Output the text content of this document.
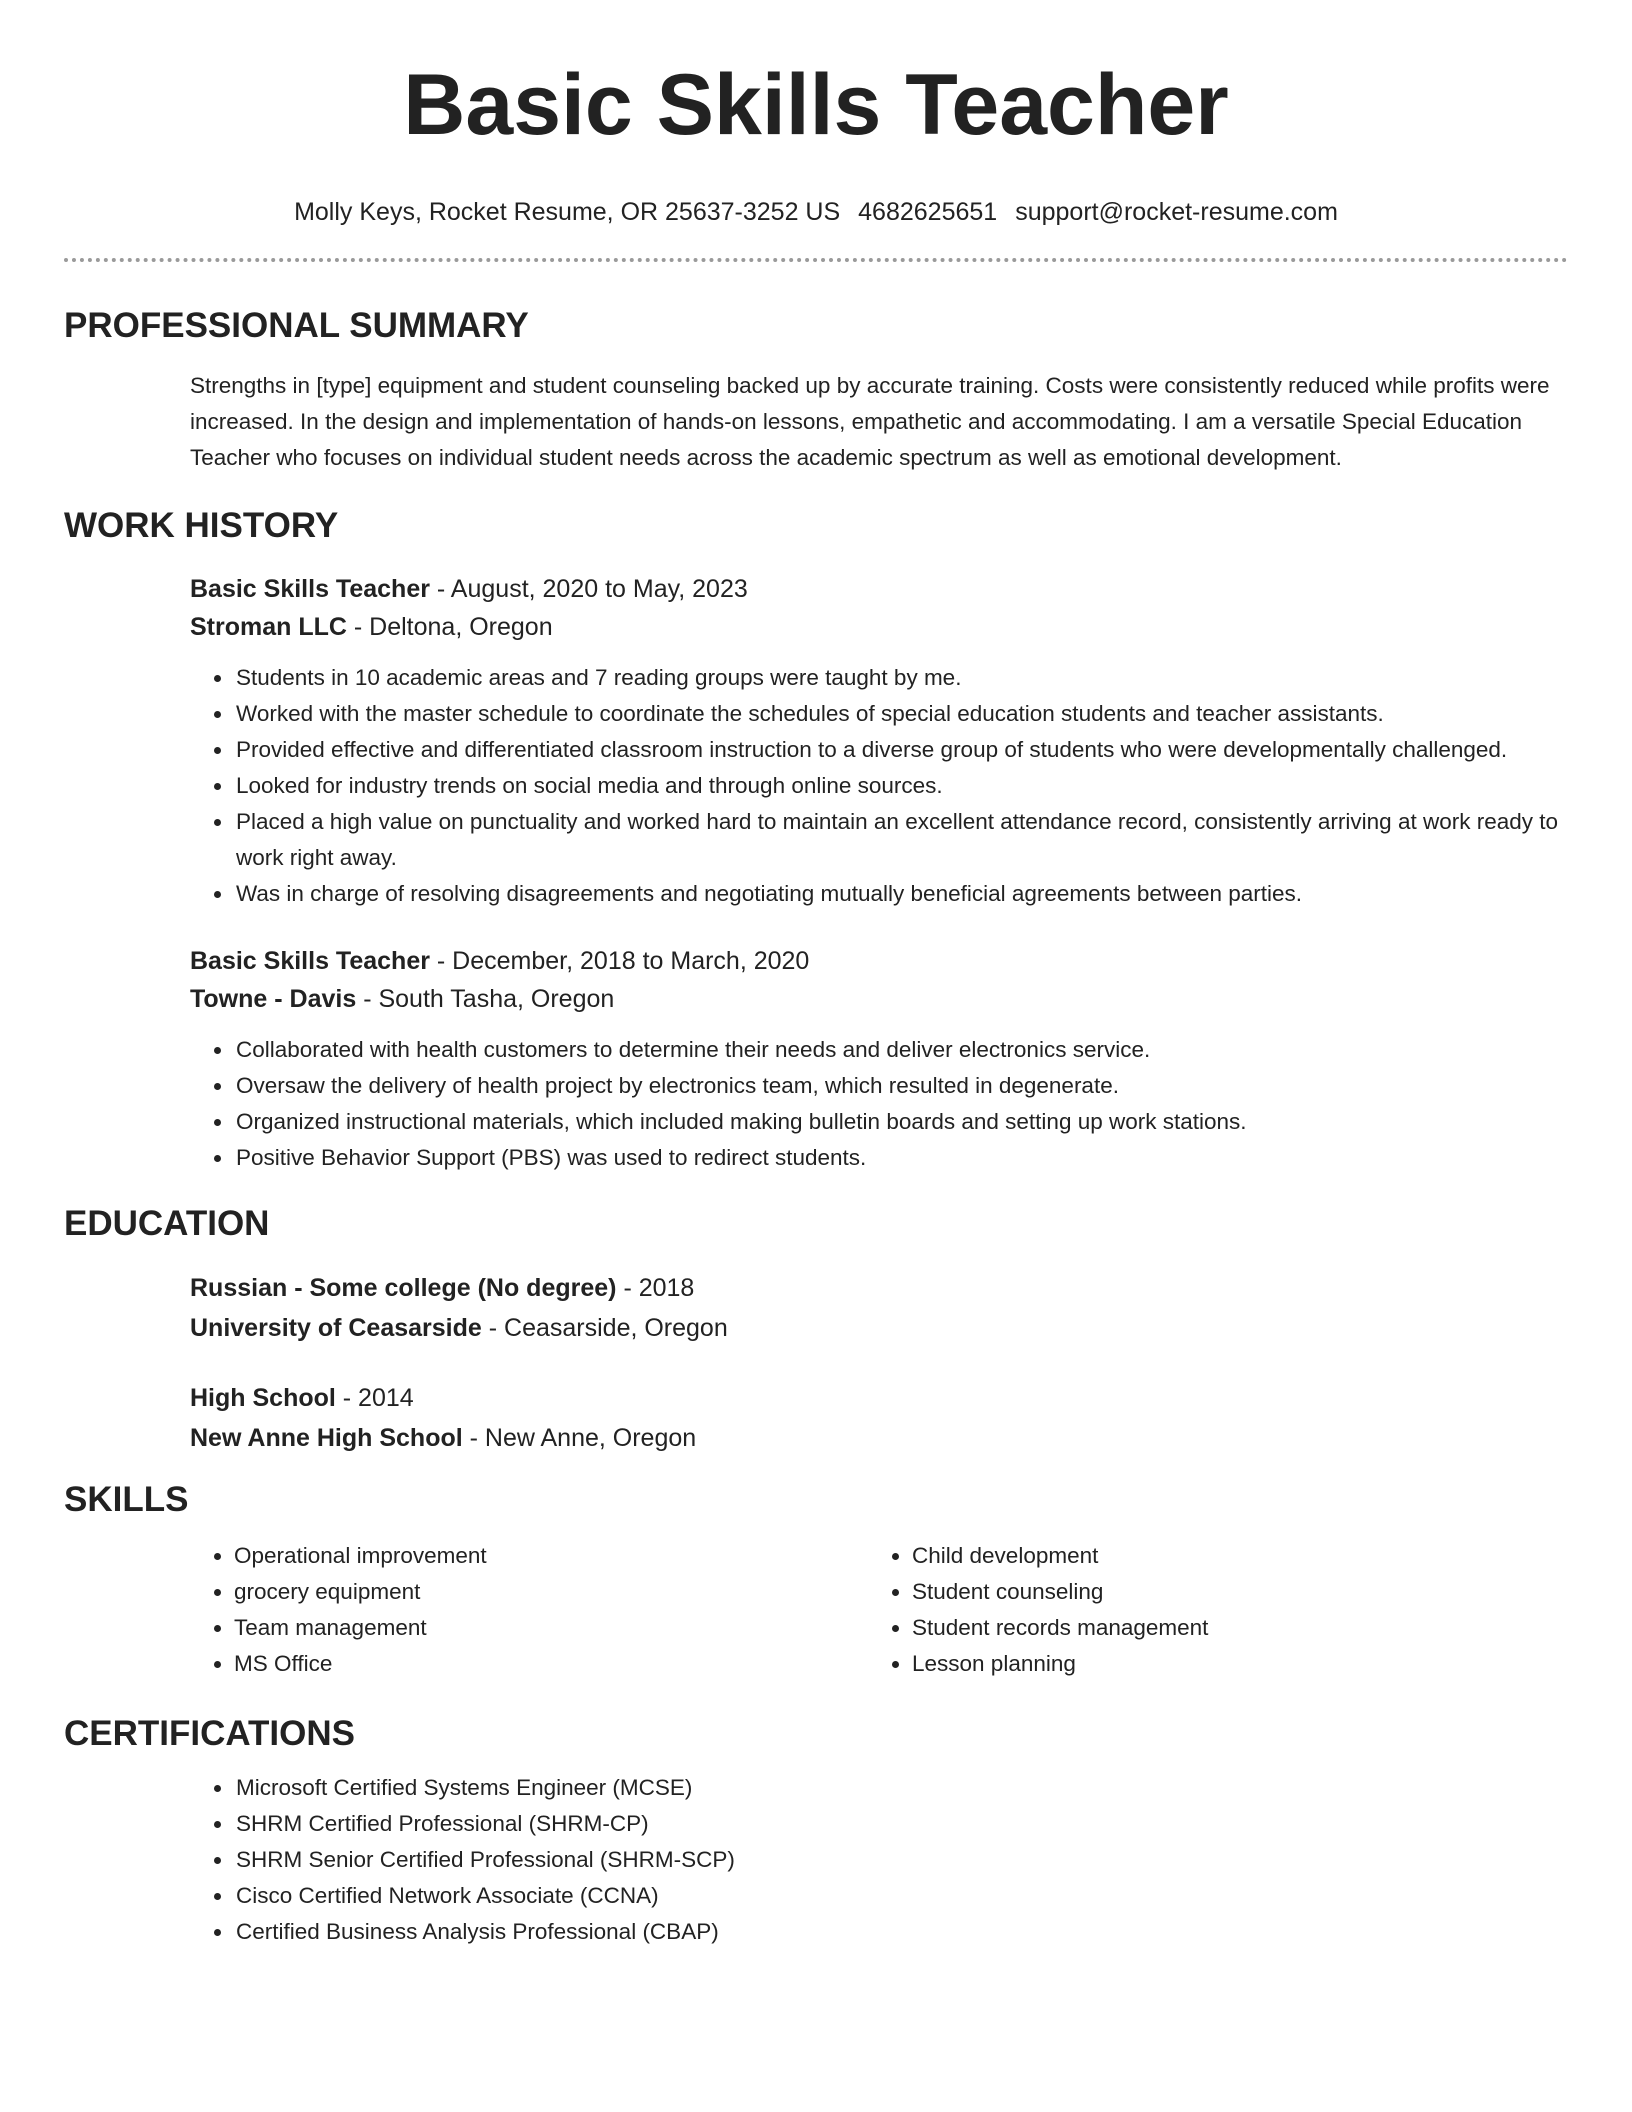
Basic Skills Teacher
Molly Keys, Rocket Resume, OR 25637-3252 US 4682625651 support@rocket-resume.com
PROFESSIONAL SUMMARY
Strengths in [type] equipment and student counseling backed up by accurate training. Costs were consistently reduced while profits were increased. In the design and implementation of hands-on lessons, empathetic and accommodating. I am a versatile Special Education Teacher who focuses on individual student needs across the academic spectrum as well as emotional development.
WORK HISTORY
Basic Skills Teacher - August, 2020 to May, 2023
Stroman LLC - Deltona, Oregon
• Students in 10 academic areas and 7 reading groups were taught by me.
• Worked with the master schedule to coordinate the schedules of special education students and teacher assistants.
• Provided effective and differentiated classroom instruction to a diverse group of students who were developmentally challenged.
• Looked for industry trends on social media and through online sources.
• Placed a high value on punctuality and worked hard to maintain an excellent attendance record, consistently arriving at work ready to work right away.
• Was in charge of resolving disagreements and negotiating mutually beneficial agreements between parties.
Basic Skills Teacher - December, 2018 to March, 2020
Towne - Davis - South Tasha, Oregon
• Collaborated with health customers to determine their needs and deliver electronics service.
• Oversaw the delivery of health project by electronics team, which resulted in degenerate.
• Organized instructional materials, which included making bulletin boards and setting up work stations.
• Positive Behavior Support (PBS) was used to redirect students.
EDUCATION
Russian - Some college (No degree) - 2018
University of Ceasarside - Ceasarside, Oregon
High School - 2014
New Anne High School - New Anne, Oregon
SKILLS
• Operational improvement
• grocery equipment
• Team management
• MS Office
• Child development
• Student counseling
• Student records management
• Lesson planning
CERTIFICATIONS
• Microsoft Certified Systems Engineer (MCSE)
• SHRM Certified Professional (SHRM-CP)
• SHRM Senior Certified Professional (SHRM-SCP)
• Cisco Certified Network Associate (CCNA)
• Certified Business Analysis Professional (CBAP)
